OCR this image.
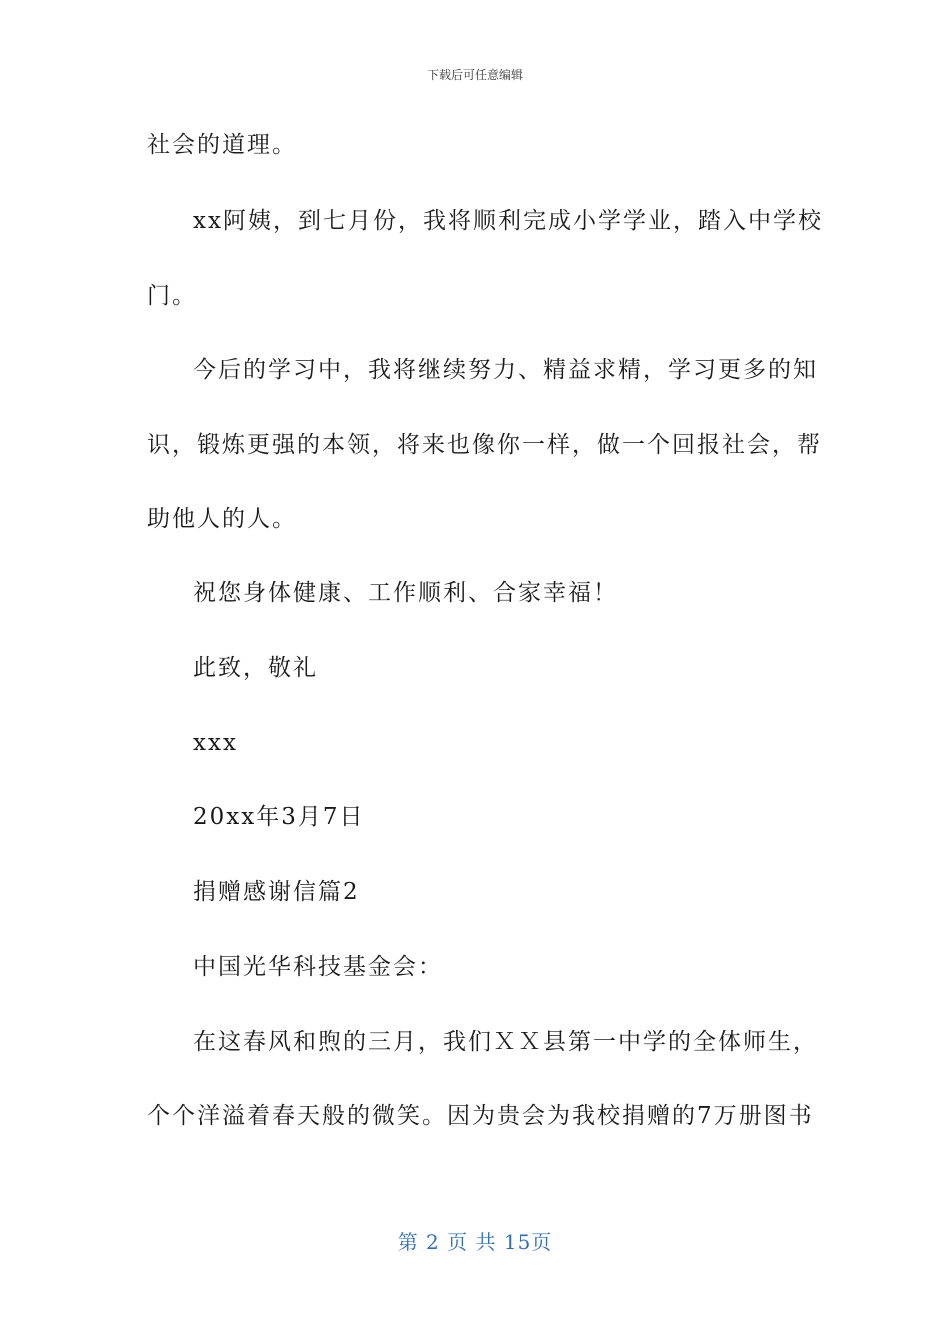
下载后可任意编辑
社会的道理。
xx阿姨，到七月份，我将顺利完成小学学业，踏入中学校
门。
今后的学习中，我将继续努力、精益求精，学习更多的知
识，锻炼更强的本领，将来也像你一样，做一个回报社会，帮
助他人的人。
祝您身体健康、工作顺利、合家幸福！
此致，敬礼
xxx
20xx年3月7日
捐赠感谢信篇2
中国光华科技基金会：
在这春风和煦的三月，我们ＸＸ县第一中学的全体师生，
个个洋溢着春天般的微笑。因为贵会为我校捐赠的7万册图书
第 2 页 共 15页
